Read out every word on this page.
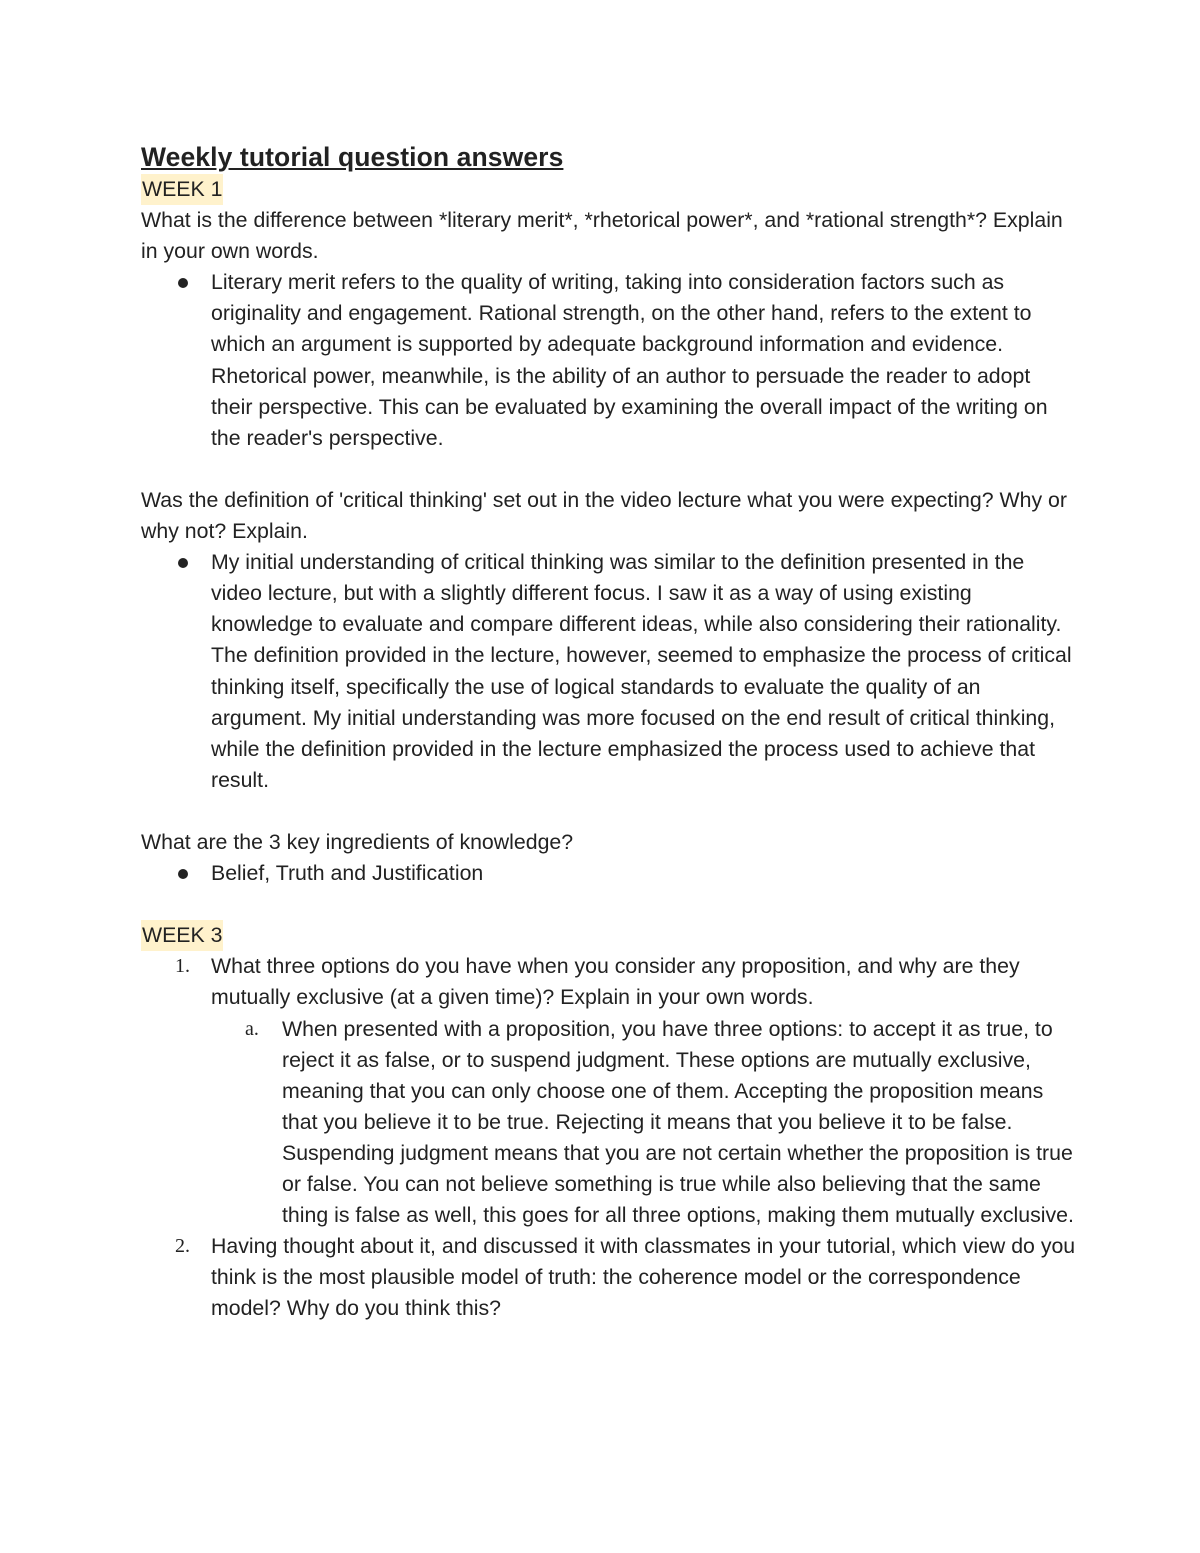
Weekly tutorial question answers
WEEK 1

What is the difference between *literary merit*, *rhetorical power*, and *rational strength*? Explain in your own words.

Literary merit refers to the quality of writing, taking into consideration factors such as originality and engagement. Rational strength, on the other hand, refers to the extent to which an argument is supported by adequate background information and evidence. Rhetorical power, meanwhile, is the ability of an author to persuade the reader to adopt their perspective. This can be evaluated by examining the overall impact of the writing on the reader's perspective.

Was the definition of 'critical thinking' set out in the video lecture what you were expecting? Why or why not? Explain.

My initial understanding of critical thinking was similar to the definition presented in the video lecture, but with a slightly different focus. I saw it as a way of using existing knowledge to evaluate and compare different ideas, while also considering their rationality. The definition provided in the lecture, however, seemed to emphasize the process of critical thinking itself, specifically the use of logical standards to evaluate the quality of an argument. My initial understanding was more focused on the end result of critical thinking, while the definition provided in the lecture emphasized the process used to achieve that result.

What are the 3 key ingredients of knowledge?

Belief, Truth and Justification
WEEK 3
1. What three options do you have when you consider any proposition, and why are they mutually exclusive (at a given time)? Explain in your own words.
a. When presented with a proposition, you have three options: to accept it as true, to reject it as false, or to suspend judgment. These options are mutually exclusive, meaning that you can only choose one of them. Accepting the proposition means that you believe it to be true. Rejecting it means that you believe it to be false. Suspending judgment means that you are not certain whether the proposition is true or false. You can not believe something is true while also believing that the same thing is false as well, this goes for all three options, making them mutually exclusive.
2. Having thought about it, and discussed it with classmates in your tutorial, which view do you think is the most plausible model of truth: the coherence model or the correspondence model? Why do you think this?
